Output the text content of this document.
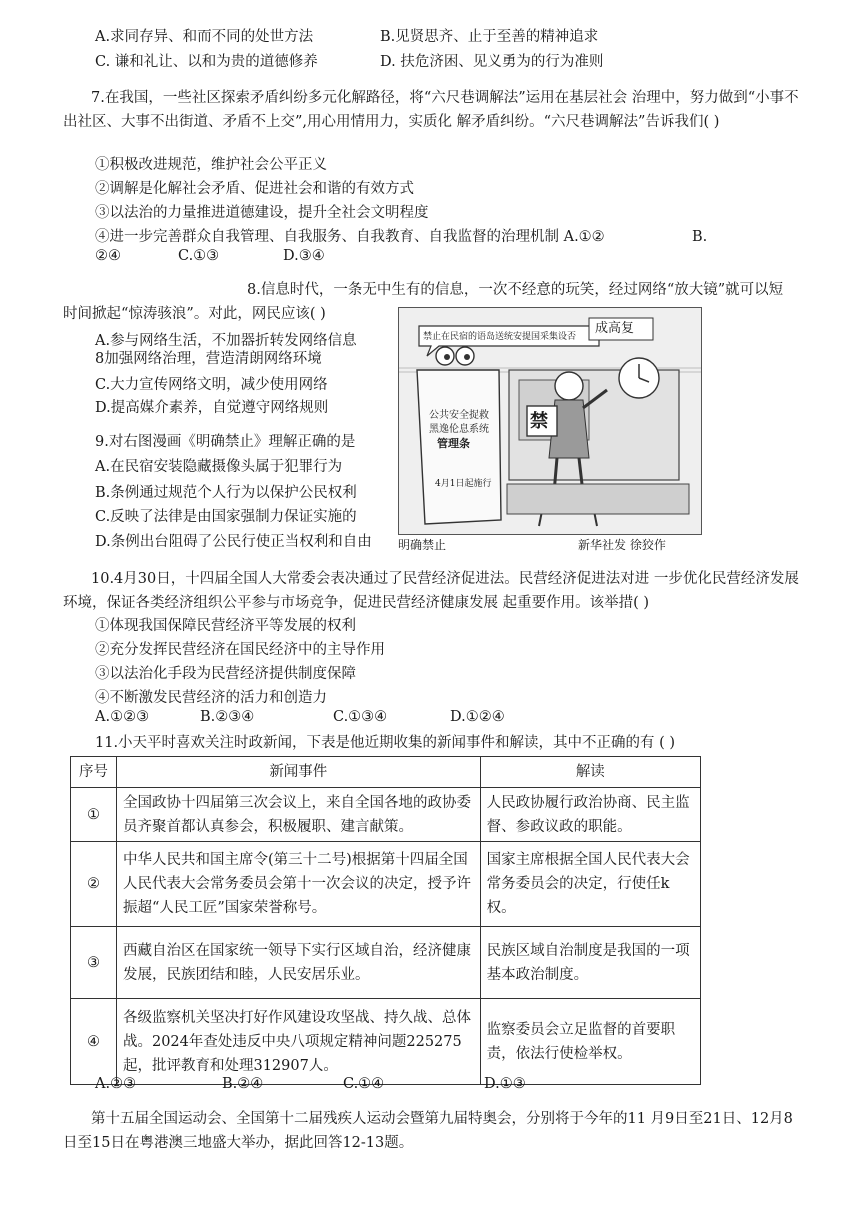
A.求同存异、和而不同的处世方法	B.见贤思齐、止于至善的精神追求
C. 谦和礼让、以和为贵的道德修养	D. 扶危济困、见义勇为的行为准则
7.在我国，一些社区探索矛盾纠纷多元化解路径，将“六尺巷调解法”运用在基层社会 治理中，努力做到“小事不出社区、大事不出街道、矛盾不上交”,用心用情用力，实质化 解矛盾纠纷。“六尺巷调解法”告诉我们( )
①积极改进规范，维护社会公平正义
②调解是化解社会矛盾、促进社会和谐的有效方式
③以法治的力量推进道德建设，提升全社会文明程度
④进一步完善群众自我管理、自我服务、自我教育、自我监督的治理机制 A.①②	B.
②④	C.①③	D.③④
8.信息时代，一条无中生有的信息，一次不经意的玩笑，经过网络“放大镜”就可以短
时间掀起“惊涛骇浪”。对此，网民应该( )
A.参与网络生活，不加器折转发网络信息
8加强网络治理，营造清朗网络环境
C.大力宣传网络文明，减少使用网络
D.提高媒介素养，自觉遵守网络规则
9.对右图漫画《明确禁止》理解正确的是
A.在民宿安装隐藏摄像头属于犯罪行为
B.条例通过规范个人行为以保护公民权利
C.反映了法律是由国家强制力保证实施的
D.条例出台阻碍了公民行使正当权利和自由
禁止在民宿的语岛送统安提国采集设否
成高复
禁
公共安全捉救
黑逸伦息系统
管理条
4月1日起施行
明确禁止	新华社发 徐狡作
10.4月30日，十四届全国人大常委会表决通过了民营经济促进法。民营经济促进法对进 一步优化民营经济发展环境，保证各类经济组织公平参与市场竞争，促进民营经济健康发展 起重要作用。该举措( )
①体现我国保障民营经济平等发展的权利
②充分发挥民营经济在国民经济中的主导作用
③以法治化手段为民营经济提供制度保障
④不断激发民营经济的活力和创造力
A.①②③	B.②③④	C.①③④	D.①②④
11.小天平时喜欢关注时政新闻，下表是他近期收集的新闻事件和解读，其中不正确的有 ( )
序号	新闻事件	解读
①	全国政协十四届第三次会议上，来自全国各地的政协委员齐聚首都认真参会，积极履职、建言献策。	人民政协履行政治协商、民主监督、参政议政的职能。
②	中华人民共和国主席令(第三十二号)根据第十四届全国人民代表大会常务委员会第十一次会议的决定，授予许振超“人民工匠”国家荣誉称号。	国家主席根据全国人民代表大会常务委员会的决定，行使任k权。
③	西藏自治区在国家统一领导下实行区域自治，经济健康发展，民族团结和睦，人民安居乐业。	民族区域自治制度是我国的一项基本政治制度。
④	各级监察机关坚决打好作风建设攻坚战、持久战、总体战。2024年查处违反中央八项规定精神问题225275起，批评教育和处理312907人。	监察委员会立足监督的首要职责，依法行使检举权。
A.②③	B.②④	C.①④	D.①③
第十五届全国运动会、全国第十二届残疾人运动会暨第九届特奥会，分别将于今年的11 月9日至21日、12月8日至15日在粤港澳三地盛大举办，据此回答12-13题。
